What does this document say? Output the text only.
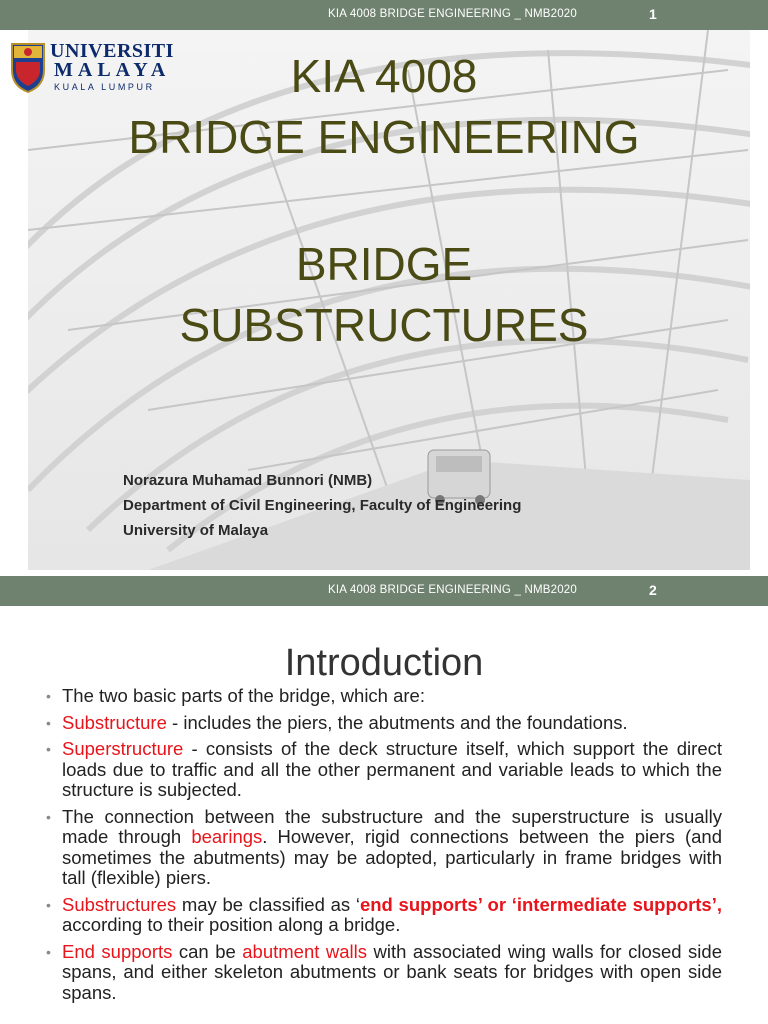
KIA 4008 BRIDGE ENGINEERING _ NMB2020	1
UNIVERSITI
MALAYA
KUALA LUMPUR	KIA 4008
BRIDGE ENGINEERING
BRIDGE
SUBSTRUCTURES
Norazura Muhamad Bunnori (NMB)
Department of Civil Engineering, Faculty of Engineering
University of Malaya
KIA 4008 BRIDGE ENGINEERING _ NMB2020	2
Introduction
• The two basic parts of the bridge, which are:
• Substructure - includes the piers, the abutments and the foundations.
• Superstructure - consists of the deck structure itself, which support the direct loads due to traffic and all the other permanent and variable leads to which the structure is subjected.
• The connection between the substructure and the superstructure is usually made through bearings. However, rigid connections between the piers (and sometimes the abutments) may be adopted, particularly in frame bridges with tall (flexible) piers.
• Substructures may be classified as ‘end supports’ or ‘intermediate supports’, according to their position along a bridge.
• End supports can be abutment walls with associated wing walls for closed side spans, and either skeleton abutments or bank seats for bridges with open side spans.
